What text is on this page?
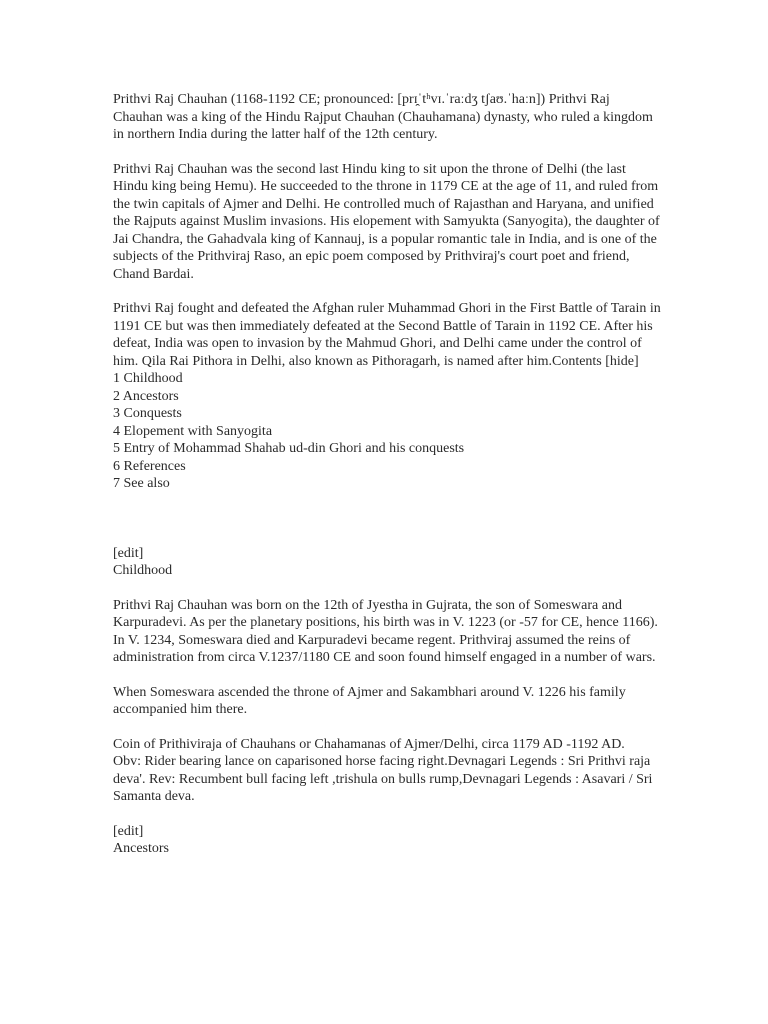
Prithvi Raj Chauhan (1168-1192 CE; pronounced: [prɪ̯ˈtʰvɪ.ˈraːdʒ tʃaʊ.ˈhaːn]) Prithvi Raj Chauhan was a king of the Hindu Rajput Chauhan (Chauhamana) dynasty, who ruled a kingdom in northern India during the latter half of the 12th century.

Prithvi Raj Chauhan was the second last Hindu king to sit upon the throne of Delhi (the last Hindu king being Hemu). He succeeded to the throne in 1179 CE at the age of 11, and ruled from the twin capitals of Ajmer and Delhi. He controlled much of Rajasthan and Haryana, and unified the Rajputs against Muslim invasions. His elopement with Samyukta (Sanyogita), the daughter of Jai Chandra, the Gahadvala king of Kannauj, is a popular romantic tale in India, and is one of the subjects of the Prithviraj Raso, an epic poem composed by Prithviraj's court poet and friend, Chand Bardai.

Prithvi Raj fought and defeated the Afghan ruler Muhammad Ghori in the First Battle of Tarain in 1191 CE but was then immediately defeated at the Second Battle of Tarain in 1192 CE. After his defeat, India was open to invasion by the Mahmud Ghori, and Delhi came under the control of him. Qila Rai Pithora in Delhi, also known as Pithoragarh, is named after him.Contents [hide]
1 Childhood
2 Ancestors
3 Conquests
4 Elopement with Sanyogita
5 Entry of Mohammad Shahab ud-din Ghori and his conquests
6 References
7 See also
[edit]
Childhood

Prithvi Raj Chauhan was born on the 12th of Jyestha in Gujrata, the son of Someswara and Karpuradevi. As per the planetary positions, his birth was in V. 1223 (or -57 for CE, hence 1166). In V. 1234, Someswara died and Karpuradevi became regent. Prithviraj assumed the reins of administration from circa V.1237/1180 CE and soon found himself engaged in a number of wars.

When Someswara ascended the throne of Ajmer and Sakambhari around V. 1226 his family accompanied him there.

Coin of Prithiviraja of Chauhans or Chahamanas of Ajmer/Delhi, circa 1179 AD -1192 AD.
Obv: Rider bearing lance on caparisoned horse facing right.Devnagari Legends : Sri Prithvi raja deva'. Rev: Recumbent bull facing left ,trishula on bulls rump,Devnagari Legends : Asavari / Sri Samanta deva.
[edit]
Ancestors
